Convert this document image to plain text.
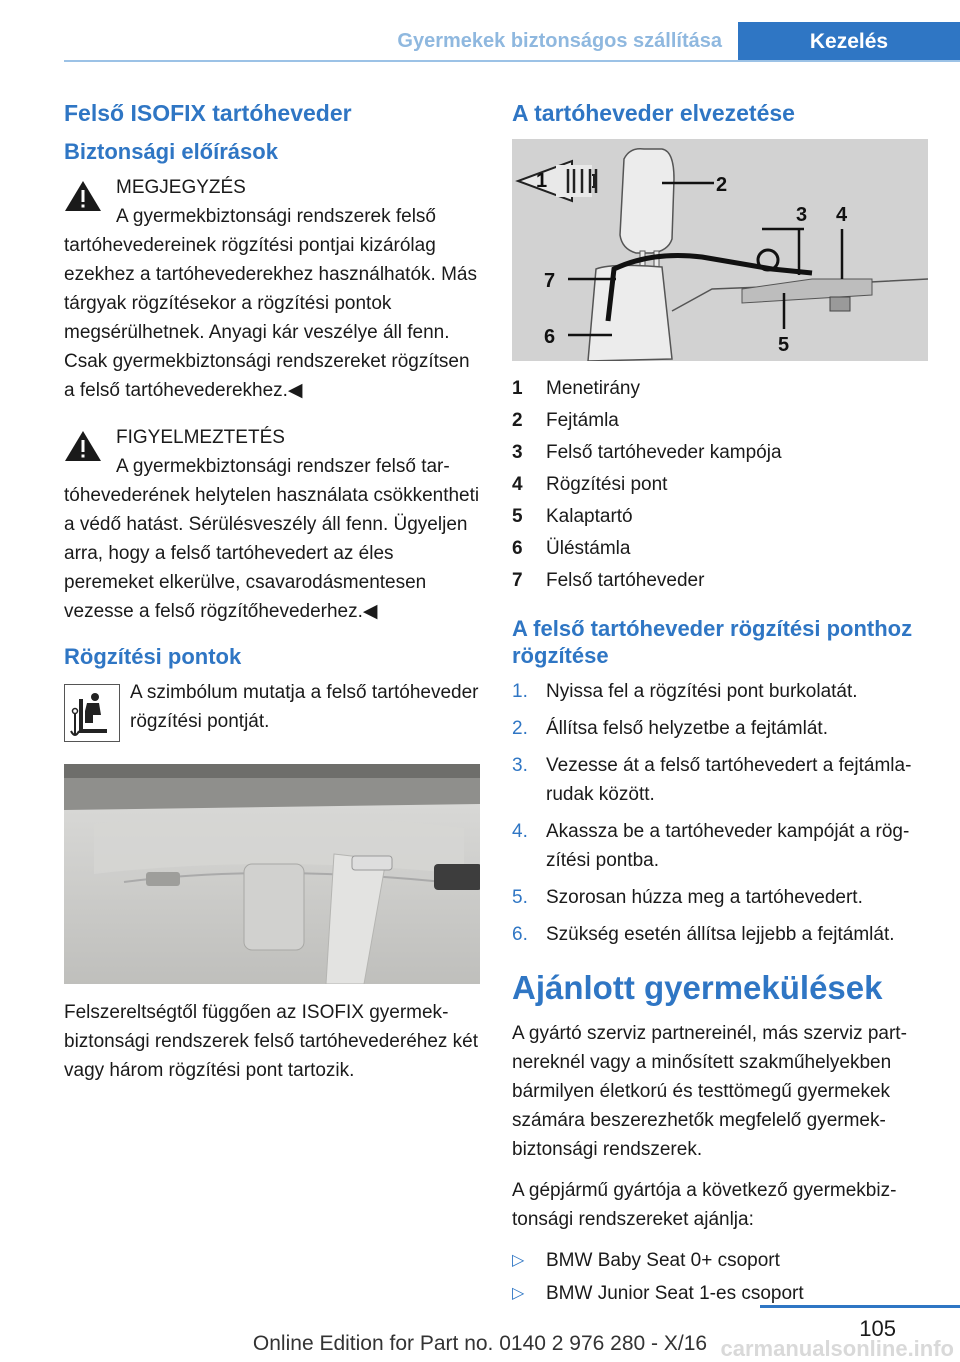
Gyermekek biztonságos szállítása	Kezelés
Felső ISOFIX tartóheveder
Biztonsági előírások
MEGJEGYZÉS

A gyermekbiztonsági rendszerek felső tartóhevedereinek rögzítési pontjai kizárólag ezekhez a tartóhevederekhez használhatók. Más tárgyak rögzítésekor a rögzítési pontok megsérülhetnek. Anyagi kár veszélye áll fenn. Csak gyermekbiztonsági rendszereket rögzítsen a felső tartóhevederekhez.◀

FIGYELMEZTETÉS

A gyermekbiztonsági rendszer felső tartóhevederének helytelen használata csökkentheti a védő hatást. Sérülésveszély áll fenn. Ügyeljen arra, hogy a felső tartóhevedert az éles peremeket elkerülve, csavarodásmentesen vezesse a felső rögzítőhevederhez.◀

Rögzítési pontok
A szimbólum mutatja a felső tartóheveder rögzítési pontját.

Felszereltségtől függően az ISOFIX gyermekbiztonsági rendszerek felső tartóhevederéhez két vagy három rögzítési pont tartozik.

A tartóheveder elvezetése
1	2
3 4
5
6
7
1	Menetirány
2	Fejtámla
3	Felső tartóheveder kampója
4	Rögzítési pont
5	Kalaptartó
6	Üléstámla
7	Felső tartóheveder
A felső tartóheveder rögzítési ponthoz rögzítése
1. Nyissa fel a rögzítési pont burkolatát.
2. Állítsa felső helyzetbe a fejtámlát.
3. Vezesse át a felső tartóhevedert a fejtámlarudak között.
4. Akassza be a tartóheveder kampóját a rögzítési pontba.
5. Szorosan húzza meg a tartóhevedert.
6. Szükség esetén állítsa lejjebb a fejtámlát.
Ajánlott gyermekülések

A gyártó szerviz partnereinél, más szerviz partnereknél vagy a minősített szakműhelyekben bármilyen életkorú és testtömegű gyermekek számára beszerezhetők megfelelő gyermekbiztonsági rendszerek.

A gépjármű gyártója a következő gyermekbiztonsági rendszereket ajánlja:

▷	BMW Baby Seat 0+ csoport
▷	BMW Junior Seat 1-es csoport
105
Online Edition for Part no. 0140 2 976 280 - X/16 carmanualsonline.info
